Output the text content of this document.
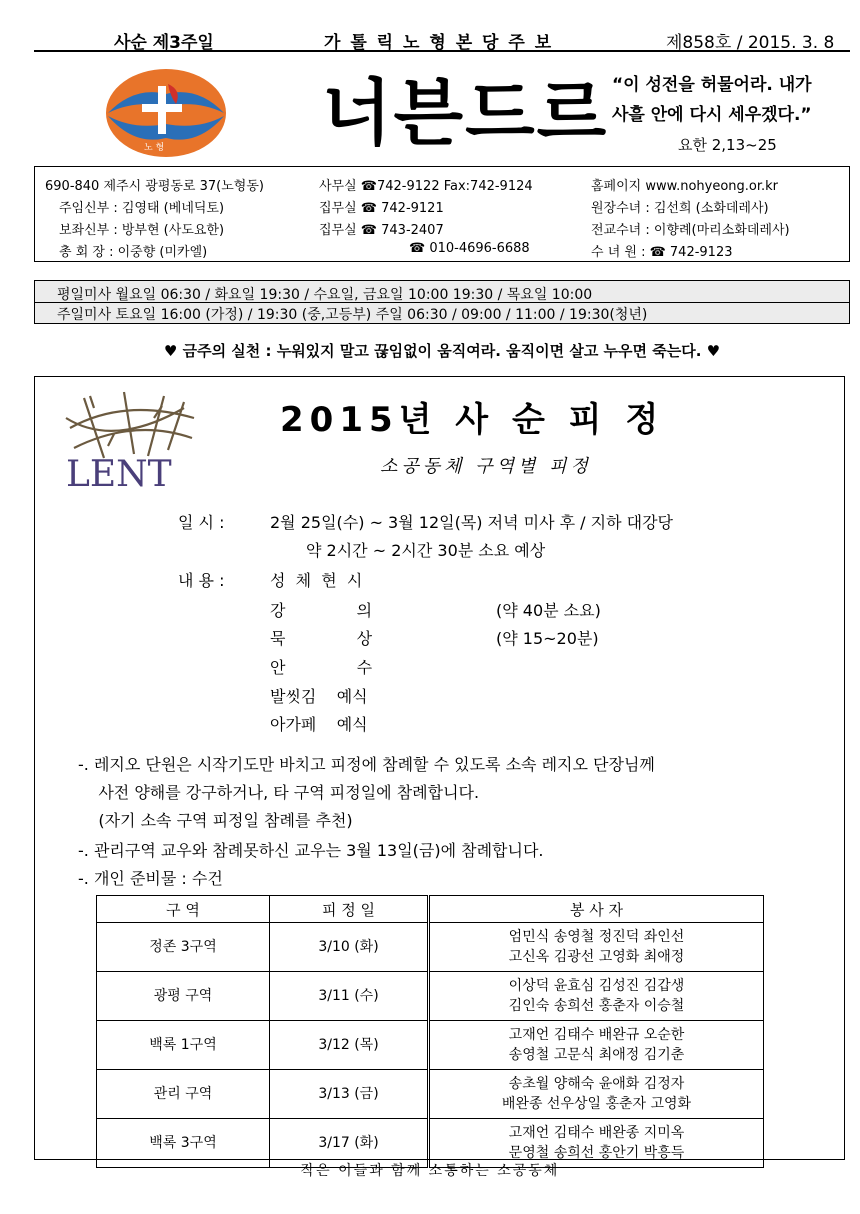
사순 제3주일	가 톨 릭 노 형 본 당 주 보	제858호 / 2015. 3. 8
노 형 너븐드르 “이 성전을 허물어라. 내가
사흘 안에 다시 세우겠다.”
요한 2,13~25
690-840 제주시 광평동로 37(노형동)	사무실 ☎742-9122 Fax:742-9124	홈페이지 www.nohyeong.or.kr
주임신부 : 김영태 (베네딕토)	집무실 ☎ 742-9121	원장수녀 : 김선희 (소화데레사)
보좌신부 : 방부현 (사도요한)	집무실 ☎ 743-2407	전교수녀 : 이향례(마리소화데레사)
총 회 장 : 이중향 (미카엘)	☎ 010-4696-6688	수 녀 원 : ☎ 742-9123
평일미사 월요일 06:30 / 화요일 19:30 / 수요일, 금요일 10:00 19:30 / 목요일 10:00
주일미사 토요일 16:00 (가정) / 19:30 (중,고등부) 주일 06:30 / 09:00 / 11:00 / 19:30(청년)
♥ 금주의 실천 : 누워있지 말고 끊임없이 움직여라. 움직이면 살고 누우면 죽는다. ♥
LENT
2015년 사 순 피 정
소공동체 구역별 피정
일 시 :	2월 25일(수) ~ 3월 12일(목) 저녁 미사 후 / 지하 대강당
약 2시간 ~ 2시간 30분 소요 예상
내 용 :	성  체  현  시
강              의	(약 40분 소요)
묵              상	(약 15~20분)
안              수
발씻김    예식
아가페    예식
-. 레지오 단원은 시작기도만 바치고 피정에 참례할 수 있도록 소속 레지오 단장님께
사전 양해를 강구하거나, 타 구역 피정일에 참례합니다.
(자기 소속 구역 피정일 참례를 추천)
-. 관리구역 교우와 참례못하신 교우는 3월 13일(금)에 참례합니다.
-. 개인 준비물 : 수건
구 역	피 정 일	봉 사 자
정존 3구역	3/10 (화)	엄민식 송영철 정진덕 좌인선
고신옥 김광선 고영화 최애정

광평 구역	3/11 (수)	이상덕 윤효심 김성진 김갑생
김인숙 송희선 홍춘자 이승철

백록 1구역	3/12 (목)	고재언 김태수 배완규 오순한
송영철 고문식 최애정 김기춘

관리 구역	3/13 (금)	송초월 양해숙 윤애화 김정자
배완종 선우상일 홍춘자 고영화

백록 3구역	3/17 (화)	고재언 김태수 배완종 지미옥
문영철 송희선 홍안기 박흥득
작은 이들과 함께 소통하는 소공동체
